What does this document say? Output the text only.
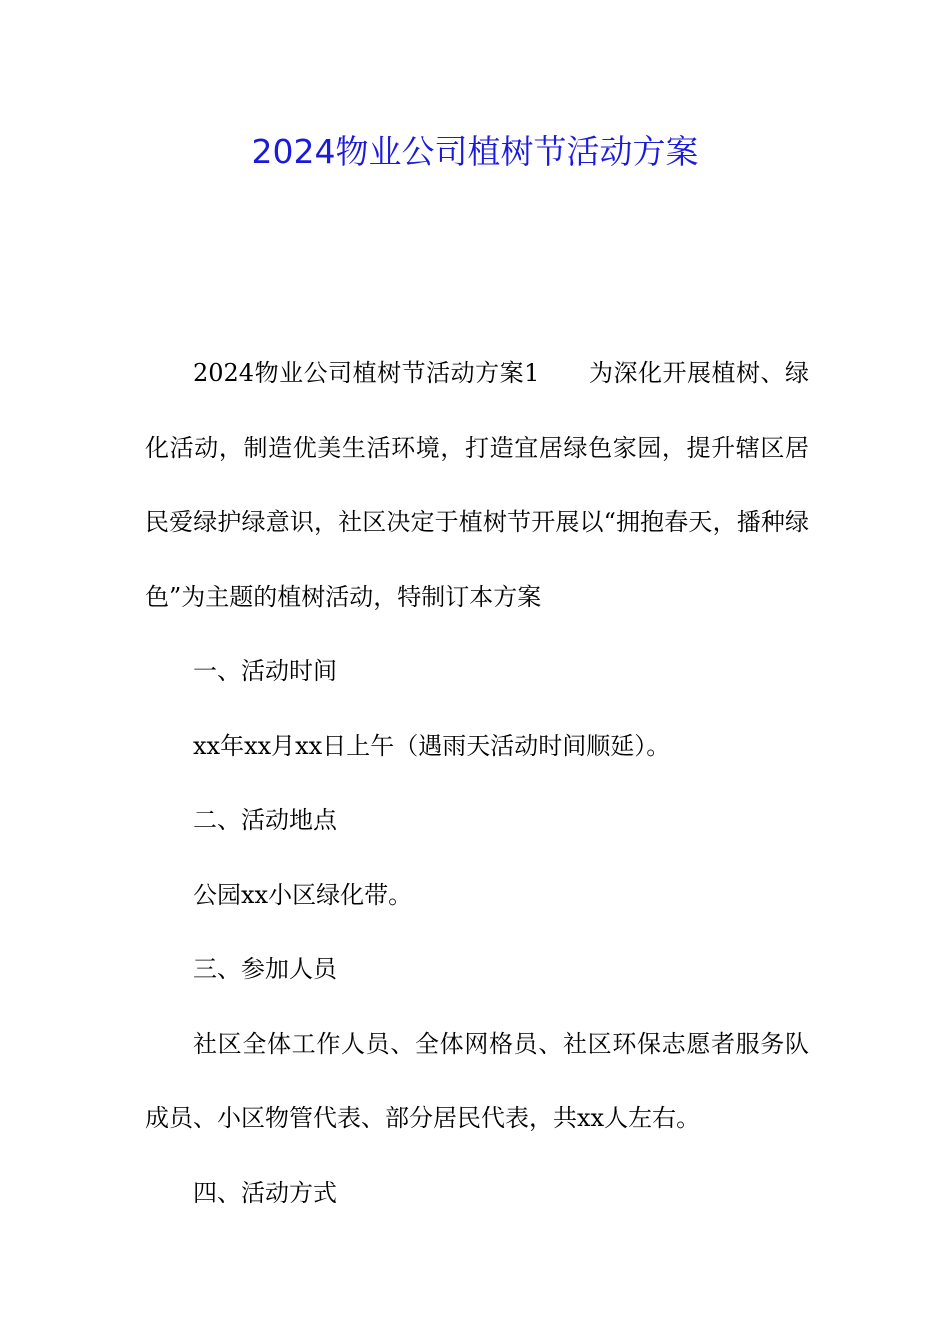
2024物业公司植树节活动方案

2024物业公司植树节活动方案1　　为深化开展植树、绿化活动，制造优美生活环境，打造宜居绿色家园，提升辖区居民爱绿护绿意识，社区决定于植树节开展以“拥抱春天，播种绿色”为主题的植树活动，特制订本方案

一、活动时间

xx年xx月xx日上午（遇雨天活动时间顺延）。

二、活动地点

公园xx小区绿化带。

三、参加人员

社区全体工作人员、全体网格员、社区环保志愿者服务队成员、小区物管代表、部分居民代表，共xx人左右。

四、活动方式
